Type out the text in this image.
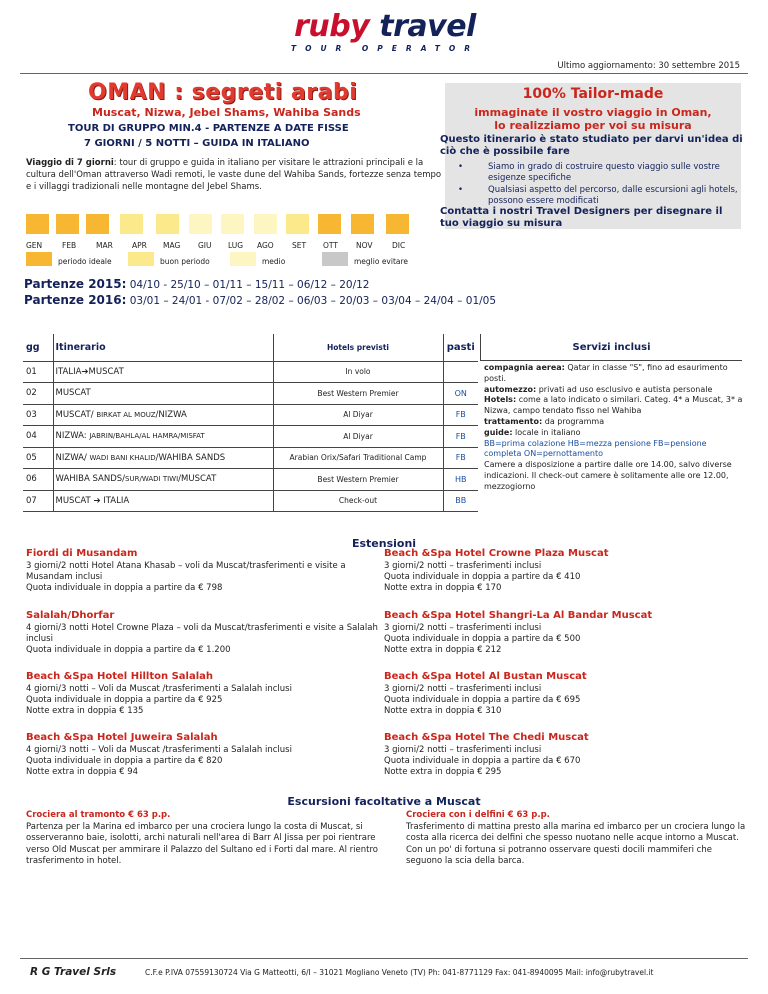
ruby travel
TOUR OPERATOR
Ultimo aggiornamento: 30 settembre 2015
OMAN : segreti arabi
Muscat, Nizwa, Jebel Shams, Wahiba Sands
TOUR DI GRUPPO MIN.4 - PARTENZE A DATE FISSE
7 GIORNI / 5 NOTTI – GUIDA IN ITALIANO
Viaggio di 7 giorni: tour di gruppo e guida in italiano per visitare le attrazioni principali e la cultura dell'Oman attraverso Wadi remoti, le vaste dune del Wahiba Sands, fortezze senza tempo e i villaggi tradizionali nelle montagne del Jebel Shams.
100% Tailor-made
immaginate il vostro viaggio in Oman,
lo realizziamo per voi su misura
Questo itinerario è stato studiato per darvi un'idea di ciò che è possibile fare
• Siamo in grado di costruire questo viaggio sulle vostre esigenze specifiche
• Qualsiasi aspetto del percorso, dalle escursioni agli hotels, possono essere modificati
Contatta i nostri Travel Designers per disegnare il tuo viaggio su misura
GEN	FEB	MAR	APR MAG GIU LUG AGO SET OTT NOV	DIC
periodo ideale	buon periodo	medio	meglio evitare
Partenze 2015: 04/10 - 25/10 – 01/11 – 15/11 – 06/12 – 20/12
Partenze 2016: 03/01 – 24/01 - 07/02 – 28/02 – 06/03 – 20/03 – 03/04 – 24/04 – 01/05
gg	Itinerario	Hotels previsti	pasti
01	ITALIA➔MUSCAT	In volo	
02	MUSCAT	Best Western Premier	ON
03	MUSCAT/ BIRKAT AL MOUZ/NIZWA	Al Diyar	FB
04	NIZWA: JABRIN/BAHLA/AL HAMRA/MISFAT	Al Diyar	FB
05	NIZWA/ WADI BANI KHALID/WAHIBA SANDS	Arabian Orix/Safari Traditional Camp	FB
06	WAHIBA SANDS/SUR/WADI TIWI/MUSCAT	Best Western Premier	HB
07	MUSCAT ➔ ITALIA	Check-out	BB
Servizi inclusi
compagnia aerea: Qatar in classe "S", fino ad esaurimento posti.
automezzo: privati ad uso esclusivo e autista personale
Hotels: come a lato indicato o similari. Categ. 4* a Muscat, 3* a Nizwa, campo tendato fisso nel Wahiba
trattamento: da programma
guide: locale in italiano
BB=prima colazione HB=mezza pensione FB=pensione completa ON=pernottamento
Camere a disposizione a partire dalle ore 14.00, salvo diverse indicazioni. Il check-out camere è solitamente alle ore 12.00, mezzogiorno
Estensioni
Fiordi di Musandam
3 giorni/2 notti Hotel Atana Khasab – voli da Muscat/trasferimenti e visite a Musandam inclusi
Quota individuale in doppia a partire da € 798
Salalah/Dhorfar
4 giorni/3 notti Hotel Crowne Plaza – voli da Muscat/trasferimenti e visite a Salalah inclusi
Quota individuale in doppia a partire da € 1.200
Beach &Spa Hotel Hillton Salalah
4 giorni/3 notti – Voli da Muscat /trasferimenti a Salalah inclusi
Quota individuale in doppia a partire da € 925
Notte extra in doppia € 135
Beach &Spa Hotel Juweira Salalah
4 giorni/3 notti – Voli da Muscat /trasferimenti a Salalah inclusi
Quota individuale in doppia a partire da € 820
Notte extra in doppia € 94
Beach &Spa Hotel Crowne Plaza Muscat
3 giorni/2 notti – trasferimenti inclusi
Quota individuale in doppia a partire da € 410
Notte extra in doppia € 170
Beach &Spa Hotel Shangri-La Al Bandar Muscat
3 giorni/2 notti – trasferimenti inclusi
Quota individuale in doppia a partire da € 500
Notte extra in doppia € 212
Beach &Spa Hotel Al Bustan Muscat
3 giorni/2 notti – trasferimenti inclusi
Quota individuale in doppia a partire da € 695
Notte extra in doppia € 310
Beach &Spa Hotel The Chedi Muscat
3 giorni/2 notti – trasferimenti inclusi
Quota individuale in doppia a partire da € 670
Notte extra in doppia € 295
Escursioni facoltative a Muscat
Crociera al tramonto € 63 p.p.
Partenza per la Marina ed imbarco per una crociera lungo la costa di Muscat, si osserveranno baie, isolotti, archi naturali nell'area di Barr Al Jissa per poi rientrare verso Old Muscat per ammirare il Palazzo del Sultano ed i Forti dal mare. Al rientro trasferimento in hotel.
Crociera con i delfini € 63 p.p.
Trasferimento di mattina presto alla marina ed imbarco per un crociera lungo la costa alla ricerca dei delfini che spesso nuotano nelle acque intorno a Muscat. Con un po' di fortuna si potranno osservare questi docili mammiferi che seguono la scia della barca.
R G Travel Srls	C.F.e P.IVA 07559130724 Via G Matteotti, 6/I – 31021 Mogliano Veneto (TV) Ph: 041-8771129 Fax: 041-8940095 Mail: info@rubytravel.it
